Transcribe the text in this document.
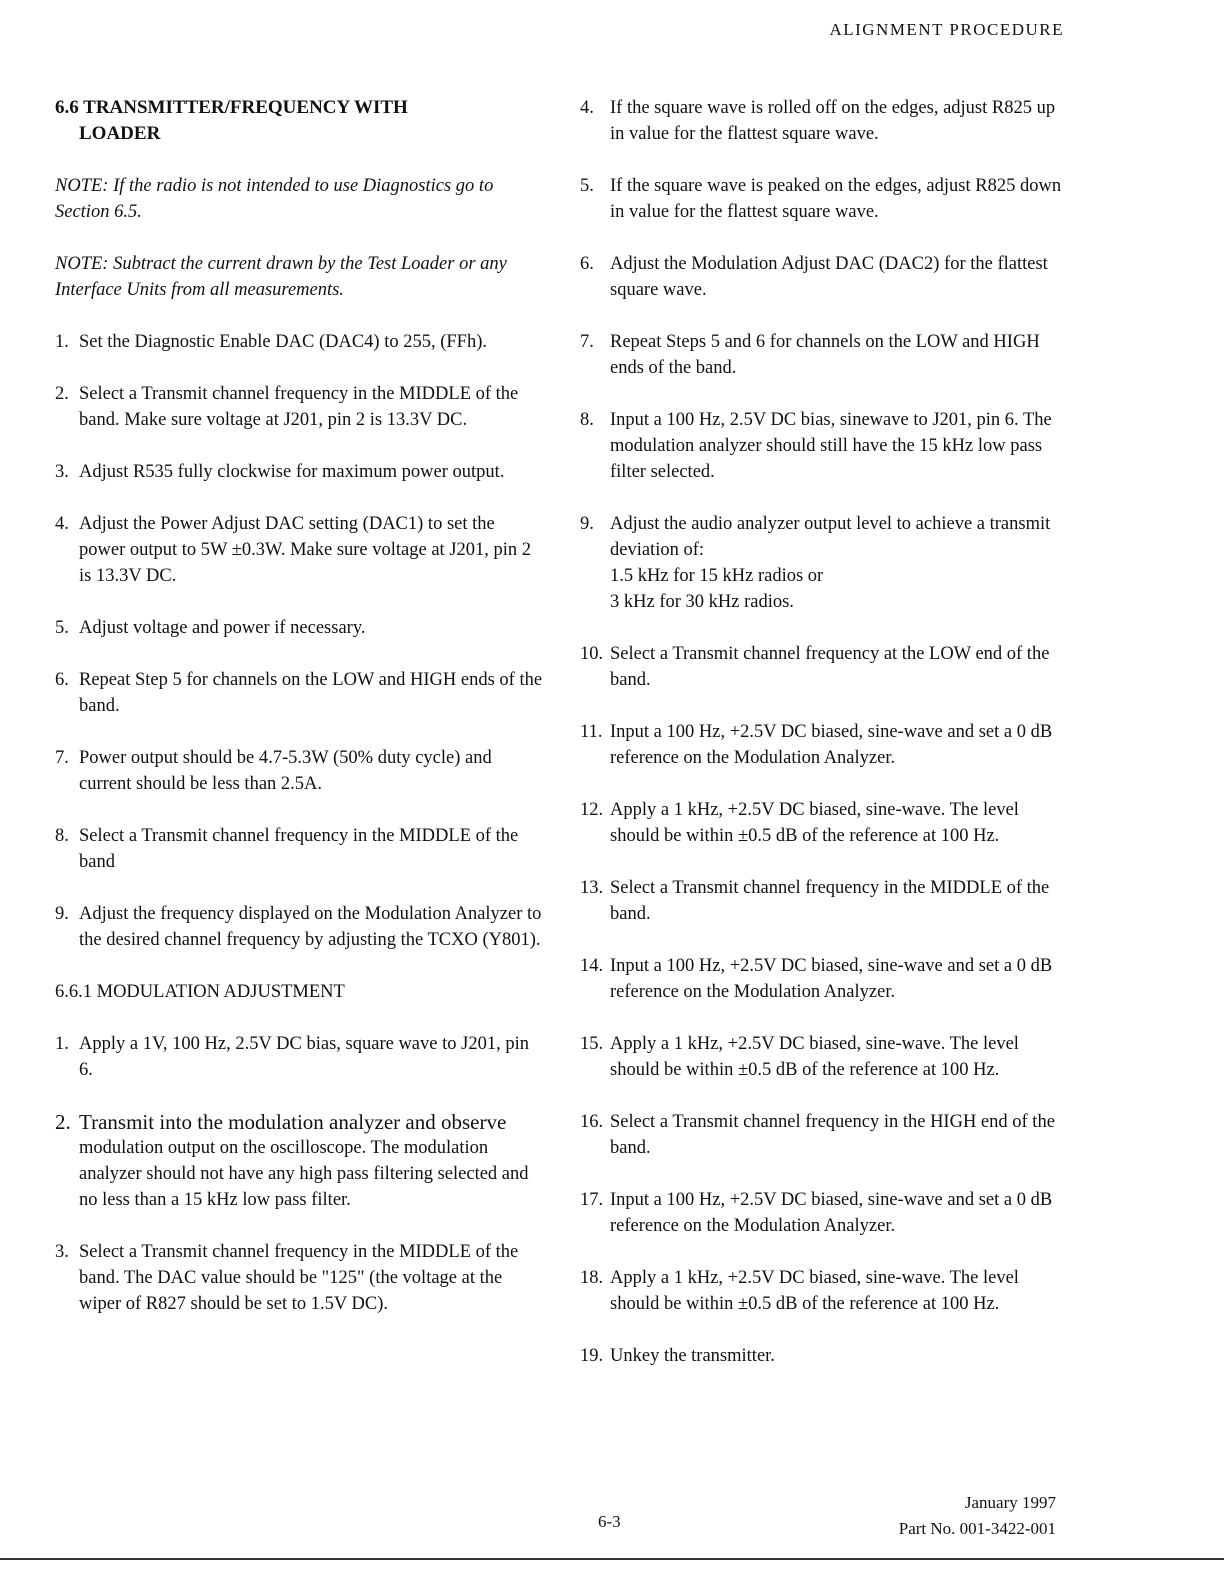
ALIGNMENT PROCEDURE
6.6 TRANSMITTER/FREQUENCY WITH
LOADER

NOTE: If the radio is not intended to use Diagnostics go to Section 6.5.

NOTE: Subtract the current drawn by the Test Loader or any Interface Units from all measurements.

1. Set the Diagnostic Enable DAC (DAC4) to 255, (FFh).
2. Select a Transmit channel frequency in the MIDDLE of the band. Make sure voltage at J201, pin 2 is 13.3V DC.
3. Adjust R535 fully clockwise for maximum power output.
4. Adjust the Power Adjust DAC setting (DAC1) to set the power output to 5W ±0.3W. Make sure voltage at J201, pin 2 is 13.3V DC.
5. Adjust voltage and power if necessary.
6. Repeat Step 5 for channels on the LOW and HIGH ends of the band.
7. Power output should be 4.7-5.3W (50% duty cycle) and current should be less than 2.5A.
8. Select a Transmit channel frequency in the MIDDLE of the band
9. Adjust the frequency displayed on the Modulation Analyzer to the desired channel frequency by adjusting the TCXO (Y801).

6.6.1 MODULATION ADJUSTMENT

1. Apply a 1V, 100 Hz, 2.5V DC bias, square wave to J201, pin 6.
2. Transmit into the modulation analyzer and observe
modulation output on the oscilloscope. The modulation analyzer should not have any high pass filtering selected and no less than a 15 kHz low pass filter.
3. Select a Transmit channel frequency in the MIDDLE of the band. The DAC value should be "125" (the voltage at the wiper of R827 should be set to 1.5V DC).
4. If the square wave is rolled off on the edges, adjust R825 up in value for the flattest square wave.
5. If the square wave is peaked on the edges, adjust R825 down in value for the flattest square wave.
6. Adjust the Modulation Adjust DAC (DAC2) for the flattest square wave.
7. Repeat Steps 5 and 6 for channels on the LOW and HIGH ends of the band.
8. Input a 100 Hz, 2.5V DC bias, sinewave to J201, pin 6. The modulation analyzer should still have the 15 kHz low pass filter selected.
9. Adjust the audio analyzer output level to achieve a transmit deviation of:
1.5 kHz for 15 kHz radios or
3 kHz for 30 kHz radios.
10. Select a Transmit channel frequency at the LOW end of the band.
11. Input a 100 Hz, +2.5V DC biased, sine-wave and set a 0 dB reference on the Modulation Analyzer.
12. Apply a 1 kHz, +2.5V DC biased, sine-wave. The level should be within ±0.5 dB of the reference at 100 Hz.
13. Select a Transmit channel frequency in the MIDDLE of the band.
14. Input a 100 Hz, +2.5V DC biased, sine-wave and set a 0 dB reference on the Modulation Analyzer.
15. Apply a 1 kHz, +2.5V DC biased, sine-wave. The level should be within ±0.5 dB of the reference at 100 Hz.
16. Select a Transmit channel frequency in the HIGH end of the band.
17. Input a 100 Hz, +2.5V DC biased, sine-wave and set a 0 dB reference on the Modulation Analyzer.
18. Apply a 1 kHz, +2.5V DC biased, sine-wave. The level should be within ±0.5 dB of the reference at 100 Hz.
19. Unkey the transmitter.
6-3
January 1997
Part No. 001-3422-001
